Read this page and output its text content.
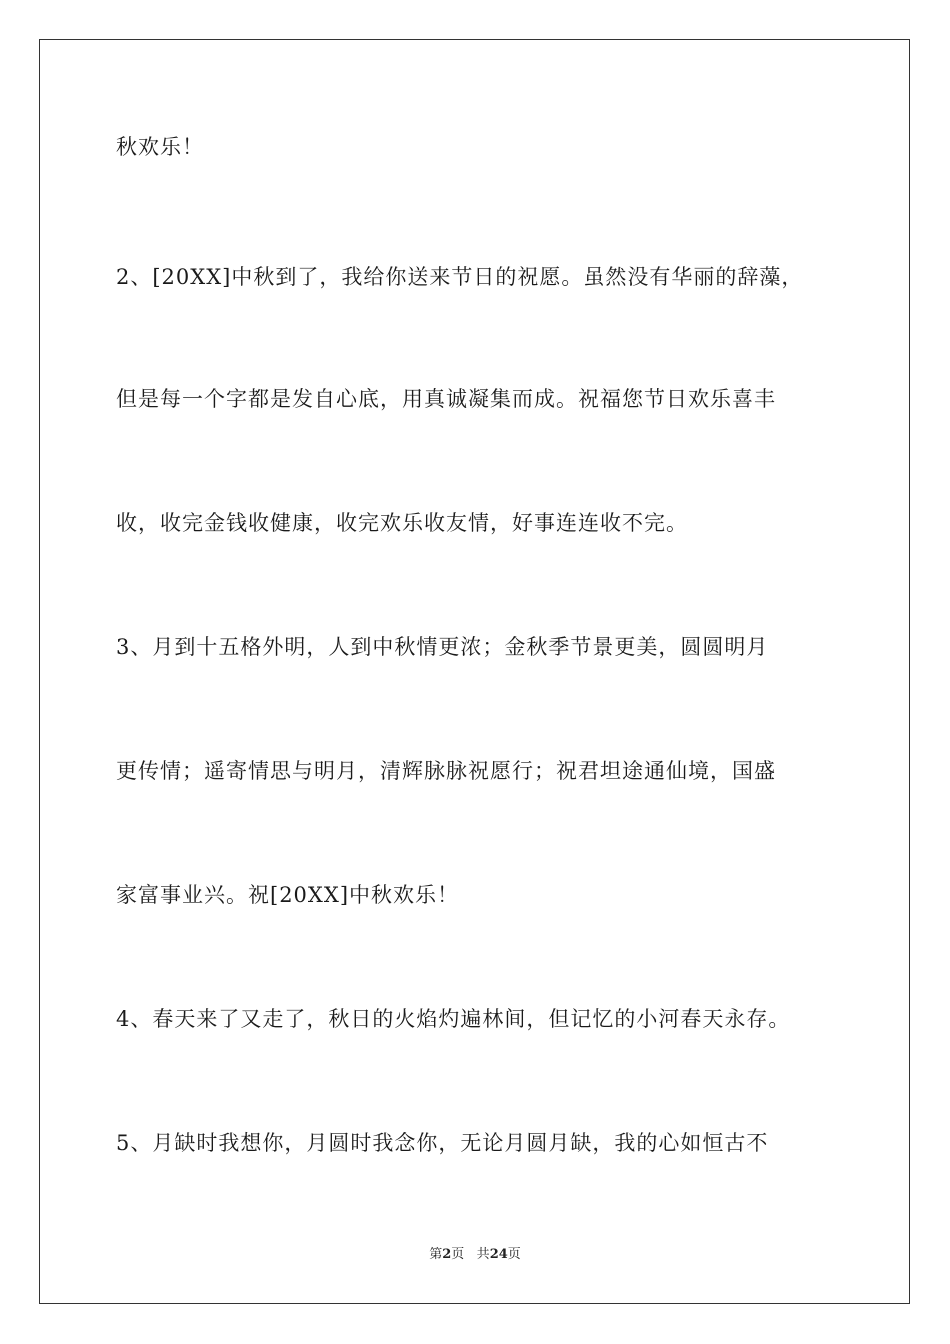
秋欢乐！
2、[20XX]中秋到了，我给你送来节日的祝愿。虽然没有华丽的辞藻，
但是每一个字都是发自心底，用真诚凝集而成。祝福您节日欢乐喜丰
收，收完金钱收健康，收完欢乐收友情，好事连连收不完。
3、月到十五格外明，人到中秋情更浓；金秋季节景更美，圆圆明月
更传情；遥寄情思与明月，清辉脉脉祝愿行；祝君坦途通仙境，国盛
家富事业兴。祝[20XX]中秋欢乐！
4、春天来了又走了，秋日的火焰灼遍林间，但记忆的小河春天永存。
5、月缺时我想你，月圆时我念你，无论月圆月缺，我的心如恒古不
第2页 共24页
